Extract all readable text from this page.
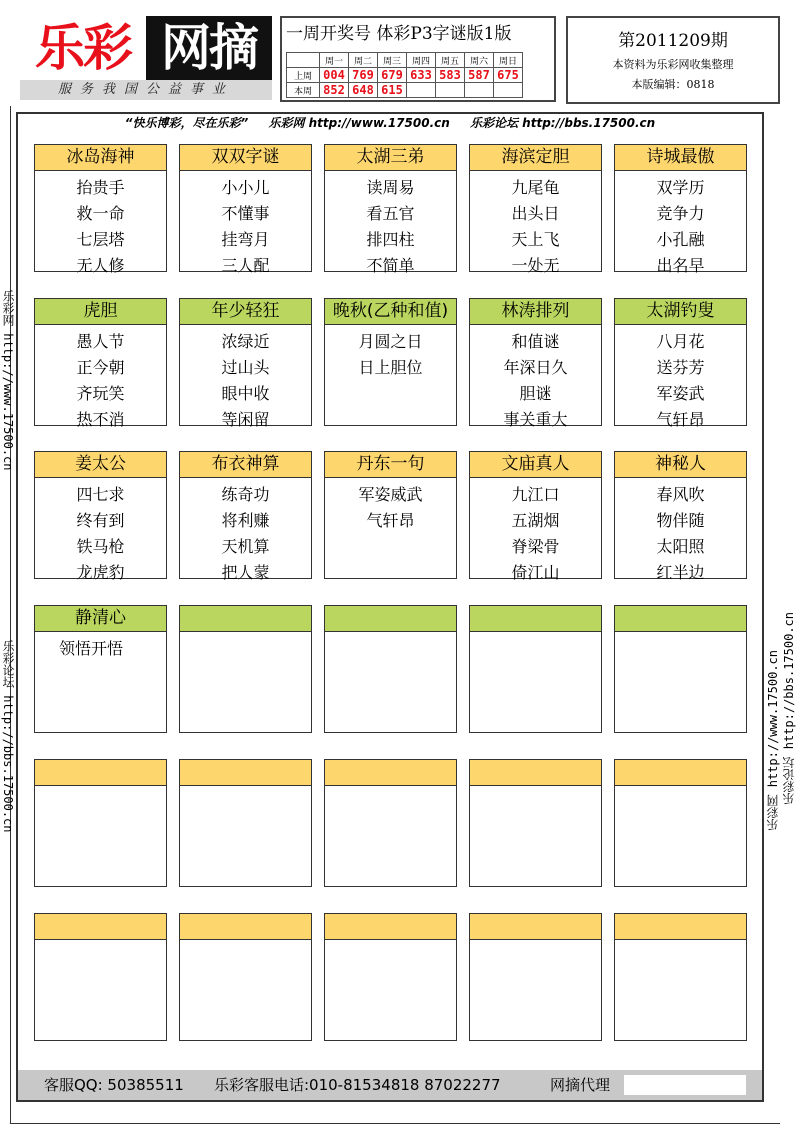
乐彩 网摘
服务我国公益事业
一周开奖号 体彩P3字谜版1版
	周一	周二	周三	周四	周五	周六	周日
上周	004	769	679	633	583	587	675
本周	852	648	615				
第2011209期
本资料为乐彩网收集整理
本版编辑：0818
“快乐博彩，尽在乐彩” 乐彩网 http://www.17500.cn 乐彩论坛 http://bbs.17500.cn
乐彩网 http://www.17500.cn
乐彩论坛 http://bbs.17500.cn	乐彩网 http://www.17500.cn 乐彩论坛 http://bbs.17500.cn
冰岛海神
抬贵手
救一命
七层塔
无人修
双双字谜
小小儿
不懂事
挂弯月
三人配
太湖三弟
读周易
看五官
排四柱
不简单
海滨定胆
九尾龟
出头日
天上飞
一处无
诗城最傲
双学历
竞争力
小孔融
出名早
虎胆
愚人节
正今朝
齐玩笑
热不消
年少轻狂
浓绿近
过山头
眼中收
等闲留
晚秋(乙种和值)
月圆之日
日上胆位
林涛排列
和值谜
年深日久
胆谜
事关重大
太湖钓叟
八月花
送芬芳
军姿武
气轩昂
姜太公
四七求
终有到
铁马枪
龙虎豹
布衣神算
练奇功
将利赚
天机算
把人蒙
丹东一句
军姿威武
气轩昂
文庙真人
九江口
五湖烟
脊梁骨
倚江山
神秘人
春风吹
物伴随
太阳照
红半边
静清心
领悟开悟
客服QQ: 50385511 乐彩客服电话:010-81534818 87022277	网摘代理
